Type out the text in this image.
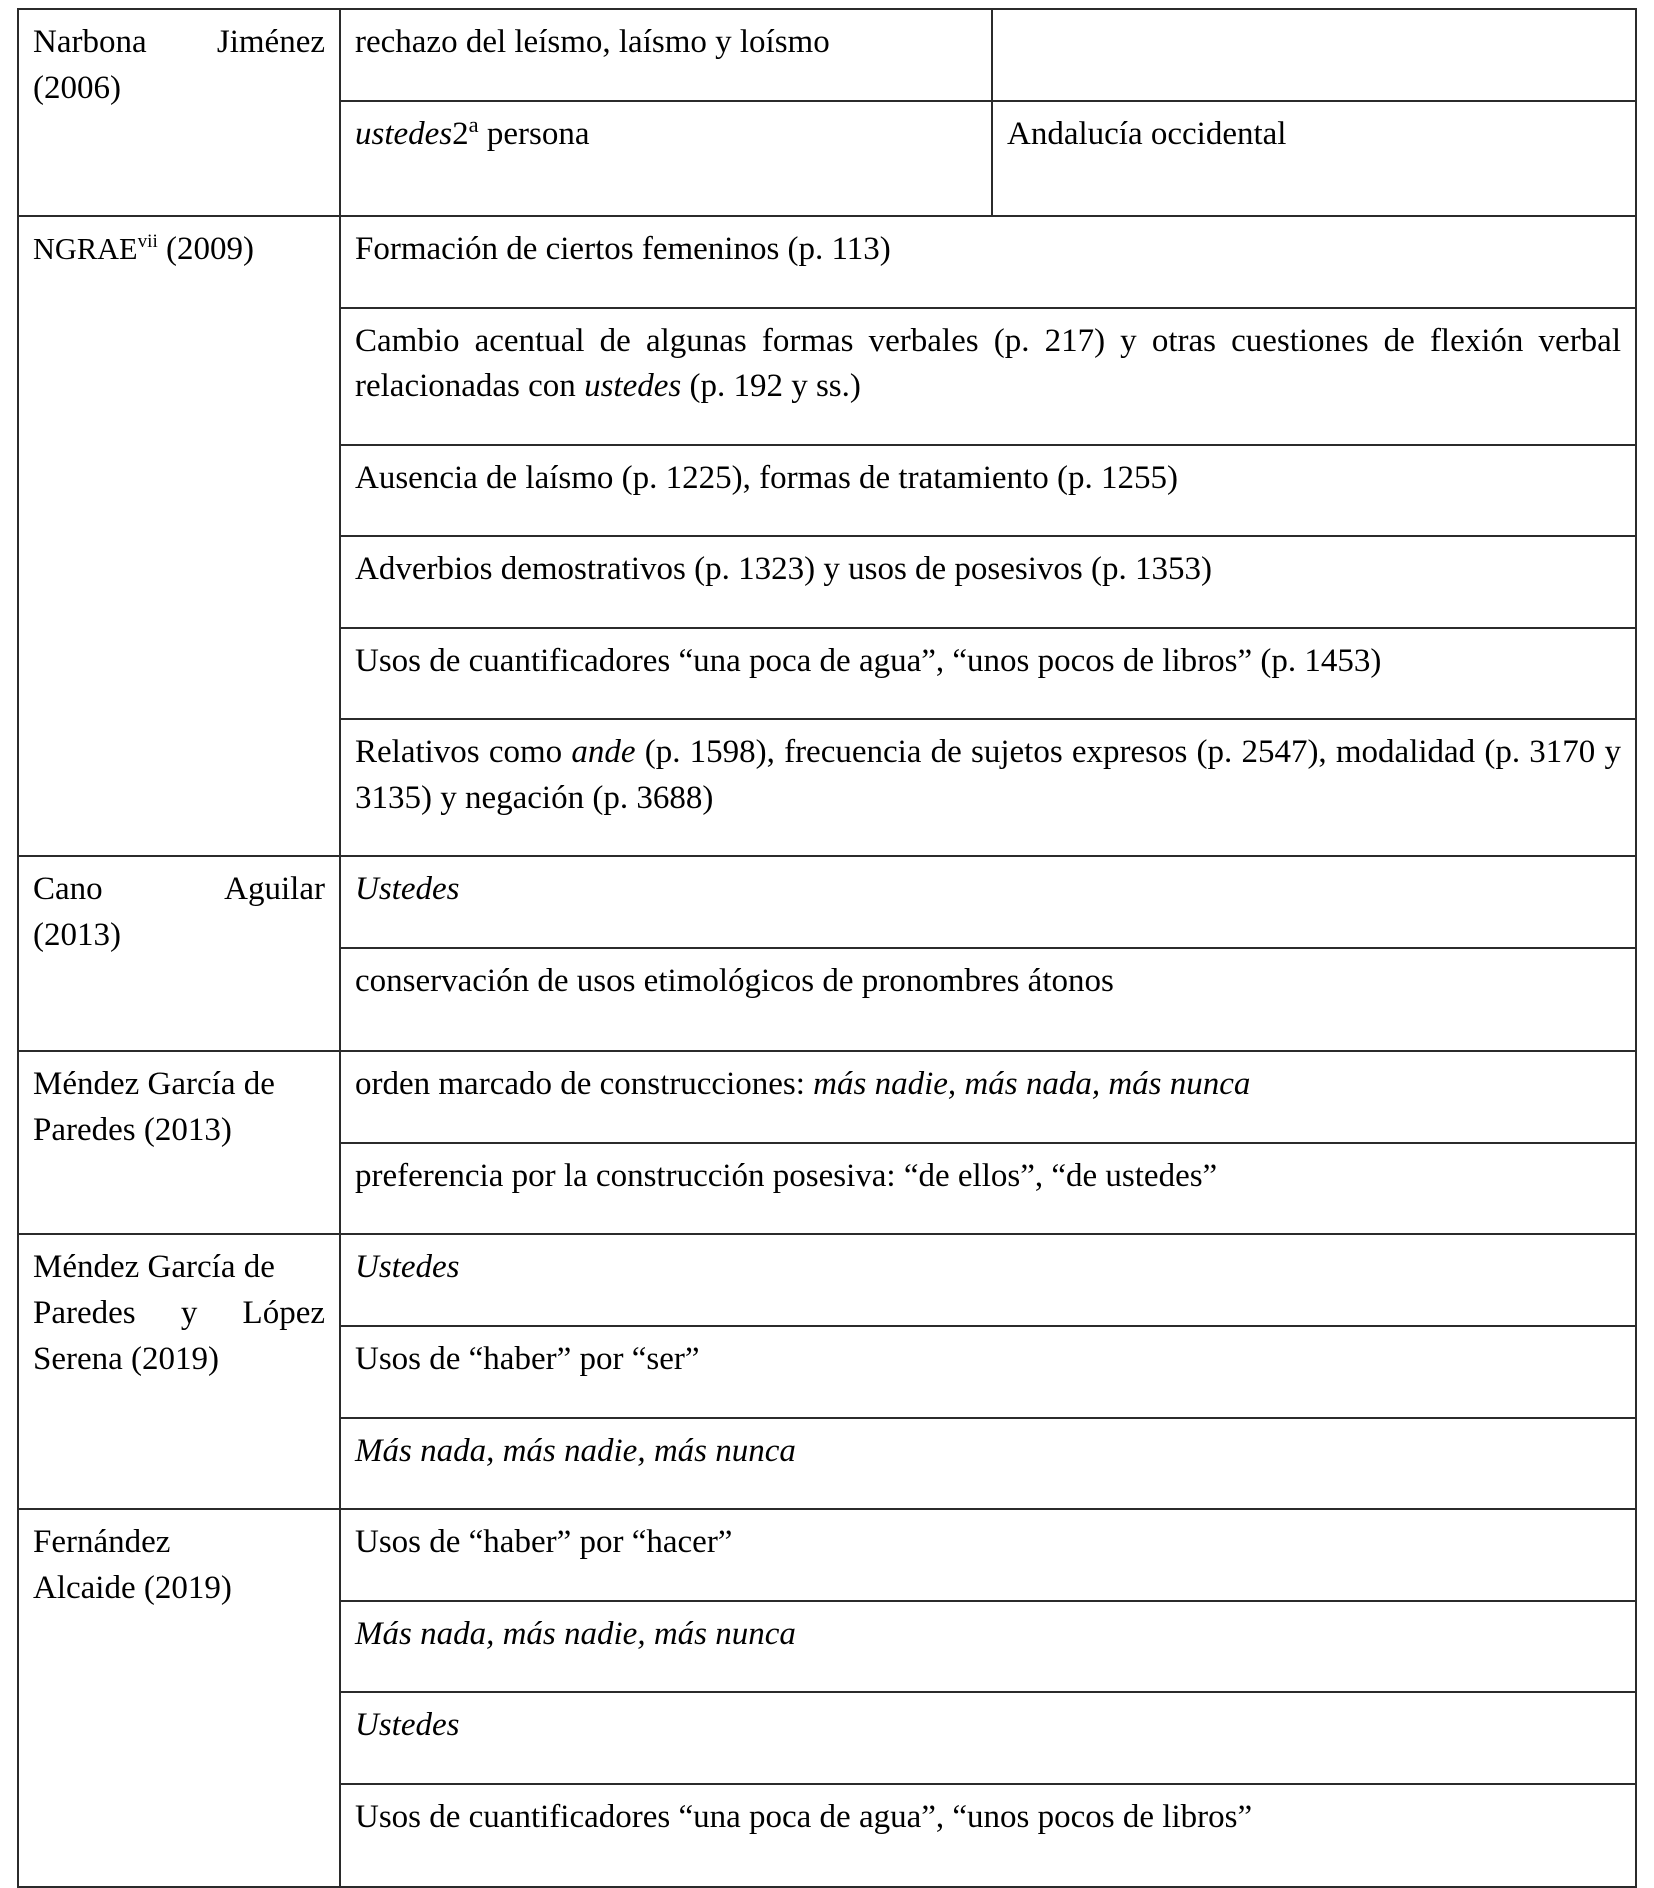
Narbona Jiménez
(2006)	rechazo del leísmo, laísmo y loísmo	
	ustedes2$^a$ persona	Andalucía occidental
NGRAE$^{vii}$ (2009)	Formación de ciertos femeninos (p. 113)	
	Cambio acentual de algunas formas verbales (p. 217) y otras cuestiones de flexión verbal relacionadas con ustedes (p. 192 y ss.)	
	Ausencia de laísmo (p. 1225), formas de tratamiento (p. 1255)	
	Adverbios demostrativos (p. 1323) y usos de posesivos (p. 1353)	
	Usos de cuantificadores “una poca de agua”, “unos pocos de libros” (p. 1453)	
	Relativos como ande (p. 1598), frecuencia de sujetos expresos (p. 2547), modalidad (p. 3170 y 3135) y negación (p. 3688)	

Cano Aguilar
(2013)	Ustedes	
	conservación de usos etimológicos de pronombres átonos	

Méndez García de
Paredes (2013)	orden marcado de construcciones: más nadie, más nada, más nunca	
	preferencia por la construcción posesiva: “de ellos”, “de ustedes”	

Méndez García de
Paredes y López
Serena (2019)	Ustedes	
	Usos de “haber” por “ser”	
	Más nada, más nadie, más nunca	

Fernández
Alcaide (2019)	Usos de “haber” por “hacer”	
	Más nada, más nadie, más nunca	
	Ustedes	
	Usos de cuantificadores “una poca de agua”, “unos pocos de libros”	
